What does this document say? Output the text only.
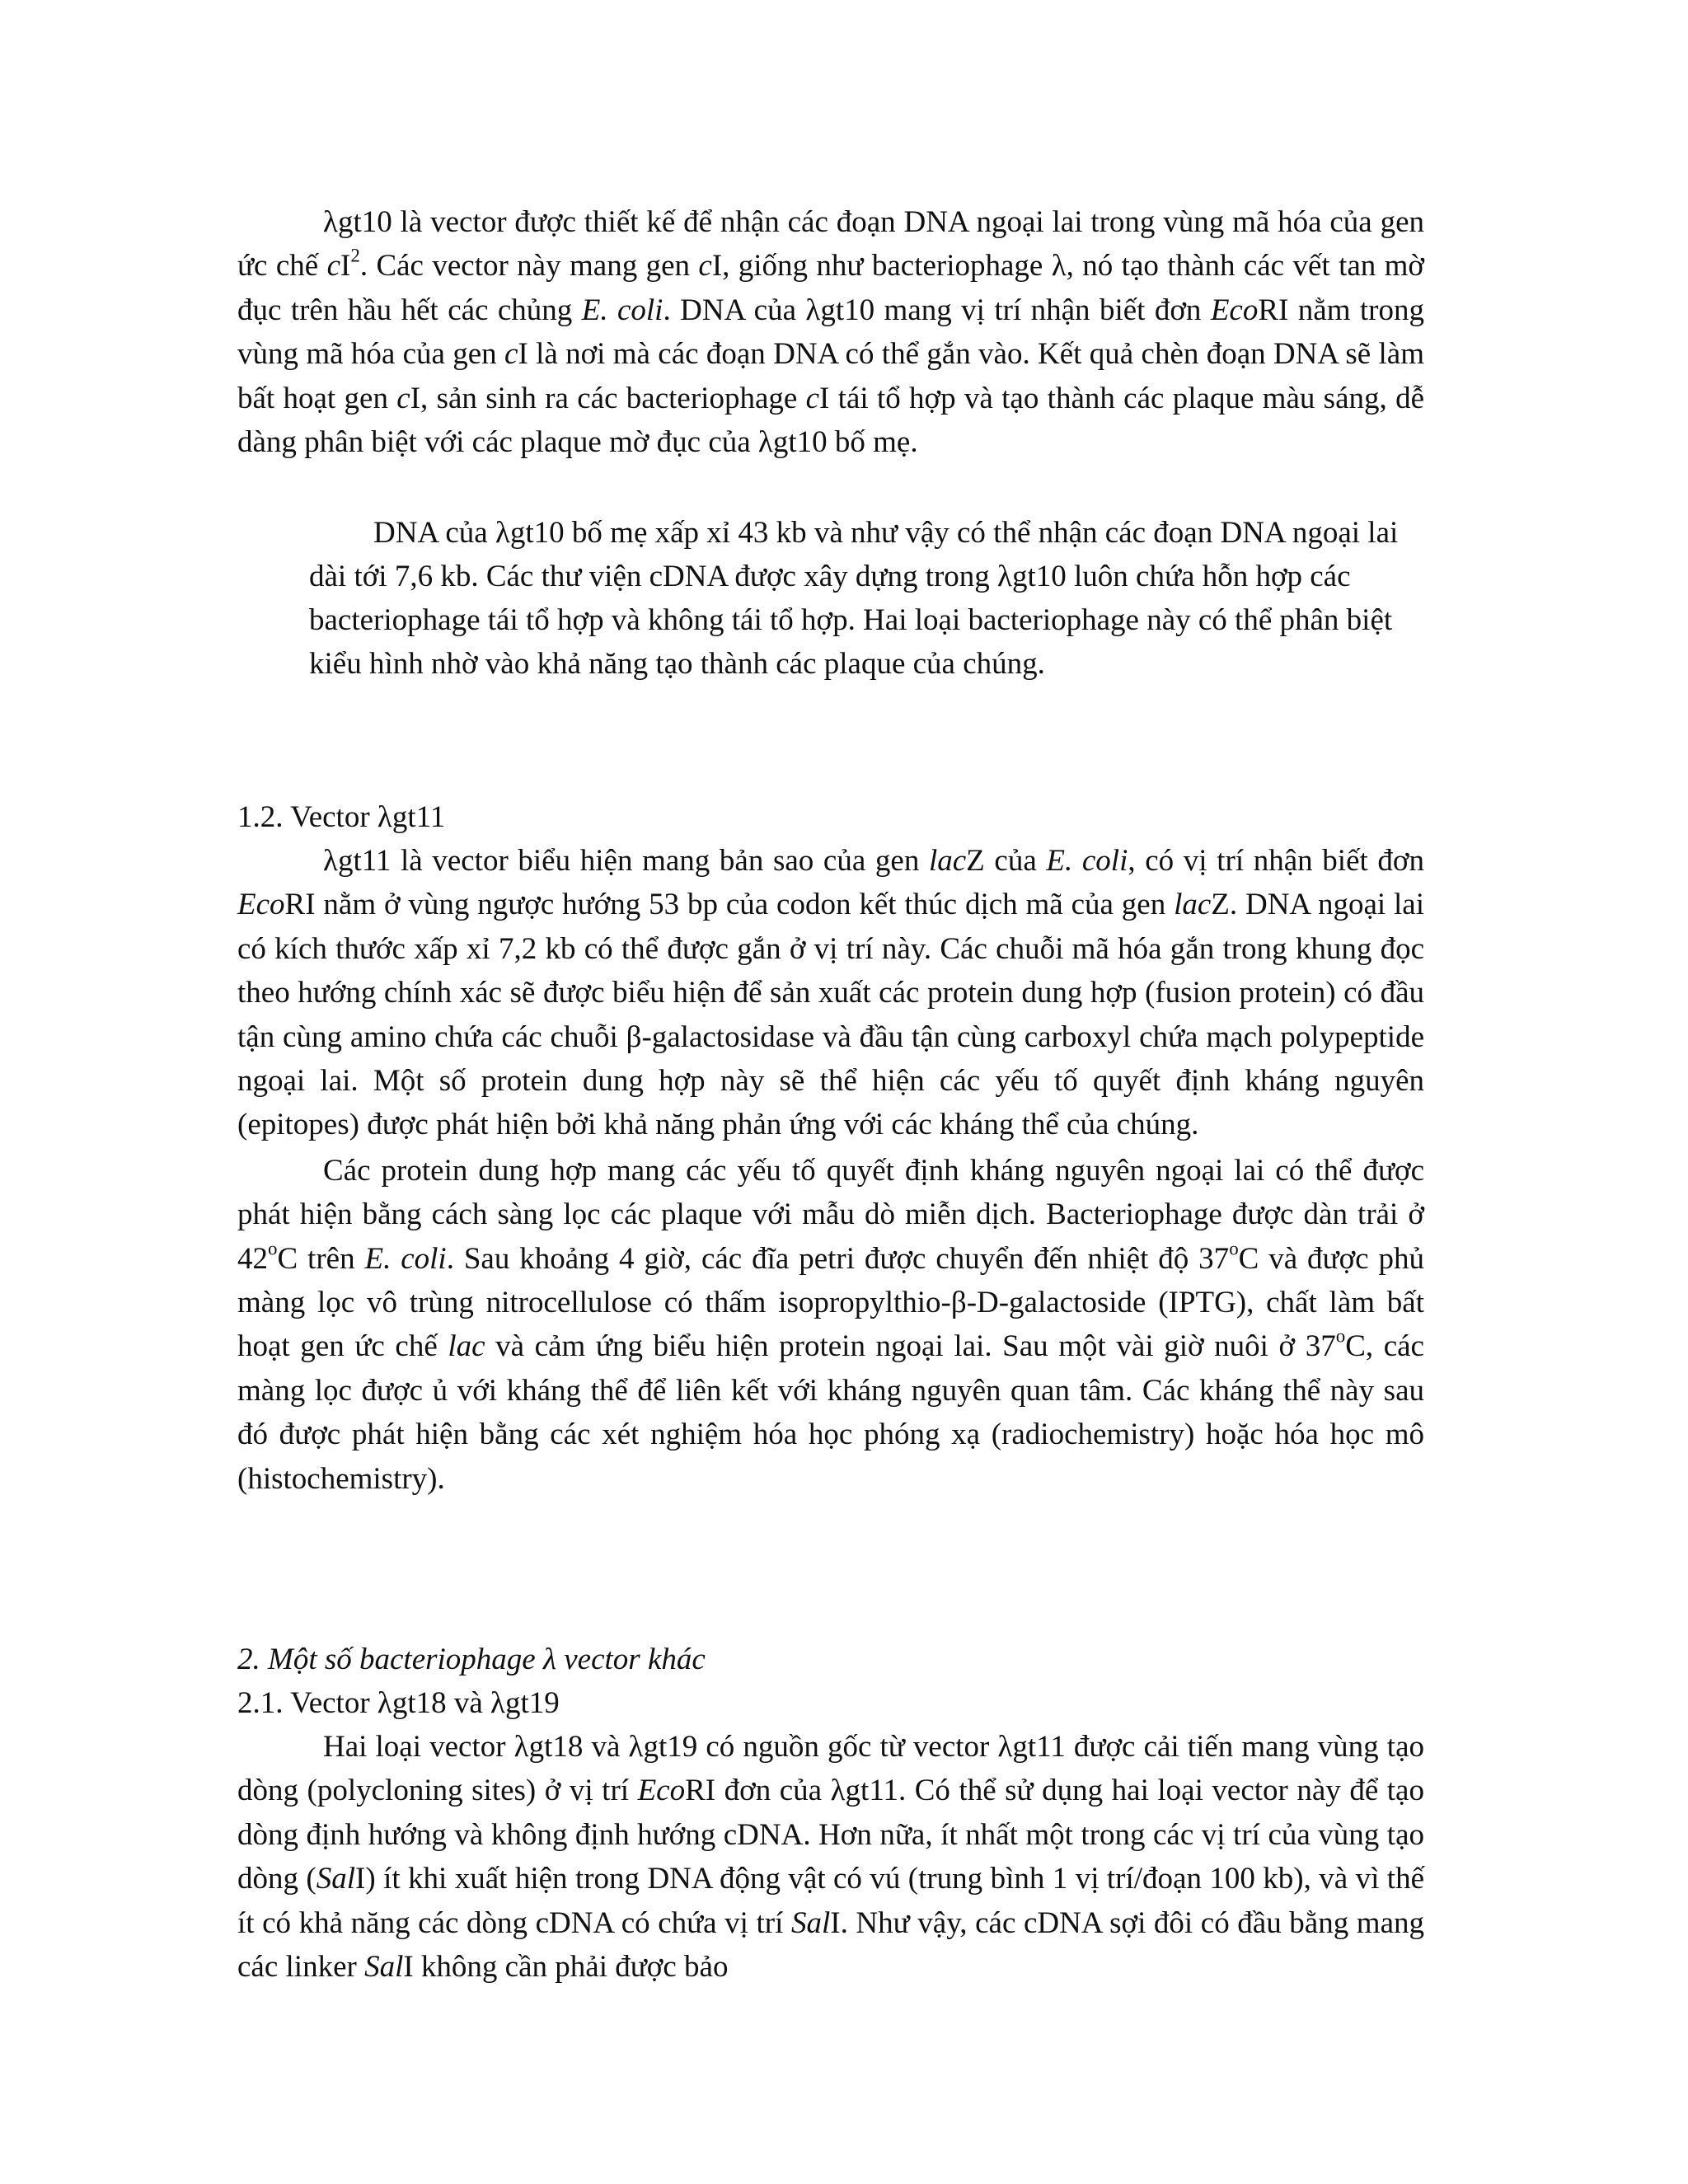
λgt10 là vector được thiết kế để nhận các đoạn DNA ngoại lai trong vùng mã hóa của gen ức chế $cI^2$. Các vector này mang gen cI, giống như bacteriophage λ, nó tạo thành các vết tan mờ đục trên hầu hết các chủng E. coli. DNA của λgt10 mang vị trí nhận biết đơn EcoRI nằm trong vùng mã hóa của gen cI là nơi mà các đoạn DNA có thể gắn vào. Kết quả chèn đoạn DNA sẽ làm bất hoạt gen cI, sản sinh ra các bacteriophage cI tái tổ hợp và tạo thành các plaque màu sáng, dễ dàng phân biệt với các plaque mờ đục của λgt10 bố mẹ.

DNA của λgt10 bố mẹ xấp xỉ 43 kb và như vậy có thể nhận các đoạn DNA ngoại lai dài tới 7,6 kb. Các thư viện cDNA được xây dựng trong λgt10 luôn chứa hỗn hợp các bacteriophage tái tổ hợp và không tái tổ hợp. Hai loại bacteriophage này có thể phân biệt kiểu hình nhờ vào khả năng tạo thành các plaque của chúng.

1.2. Vector λgt11

λgt11 là vector biểu hiện mang bản sao của gen lacZ của E. coli, có vị trí nhận biết đơn EcoRI nằm ở vùng ngược hướng 53 bp của codon kết thúc dịch mã của gen lacZ. DNA ngoại lai có kích thước xấp xỉ 7,2 kb có thể được gắn ở vị trí này. Các chuỗi mã hóa gắn trong khung đọc theo hướng chính xác sẽ được biểu hiện để sản xuất các protein dung hợp (fusion protein) có đầu tận cùng amino chứa các chuỗi β-galactosidase và đầu tận cùng carboxyl chứa mạch polypeptide ngoại lai. Một số protein dung hợp này sẽ thể hiện các yếu tố quyết định kháng nguyên (epitopes) được phát hiện bởi khả năng phản ứng với các kháng thể của chúng.

Các protein dung hợp mang các yếu tố quyết định kháng nguyên ngoại lai có thể được phát hiện bằng cách sàng lọc các plaque với mẫu dò miễn dịch. Bacteriophage được dàn trải ở 42$^o$C trên E. coli. Sau khoảng 4 giờ, các đĩa petri được chuyển đến nhiệt độ 37$^o$C và được phủ màng lọc vô trùng nitrocellulose có thấm isopropylthio-β-D-galactoside (IPTG), chất làm bất hoạt gen ức chế lac và cảm ứng biểu hiện protein ngoại lai. Sau một vài giờ nuôi ở 37$^o$C, các màng lọc được ủ với kháng thể để liên kết với kháng nguyên quan tâm. Các kháng thể này sau đó được phát hiện bằng các xét nghiệm hóa học phóng xạ (radiochemistry) hoặc hóa học mô (histochemistry).

2. Một số bacteriophage λ vector khác
2.1. Vector λgt18 và λgt19

Hai loại vector λgt18 và λgt19 có nguồn gốc từ vector λgt11 được cải tiến mang vùng tạo dòng (polycloning sites) ở vị trí EcoRI đơn của λgt11. Có thể sử dụng hai loại vector này để tạo dòng định hướng và không định hướng cDNA. Hơn nữa, ít nhất một trong các vị trí của vùng tạo dòng (SalI) ít khi xuất hiện trong DNA động vật có vú (trung bình 1 vị trí/đoạn 100 kb), và vì thế ít có khả năng các dòng cDNA có chứa vị trí SalI. Như vậy, các cDNA sợi đôi có đầu bằng mang các linker SalI không cần phải được bảo
